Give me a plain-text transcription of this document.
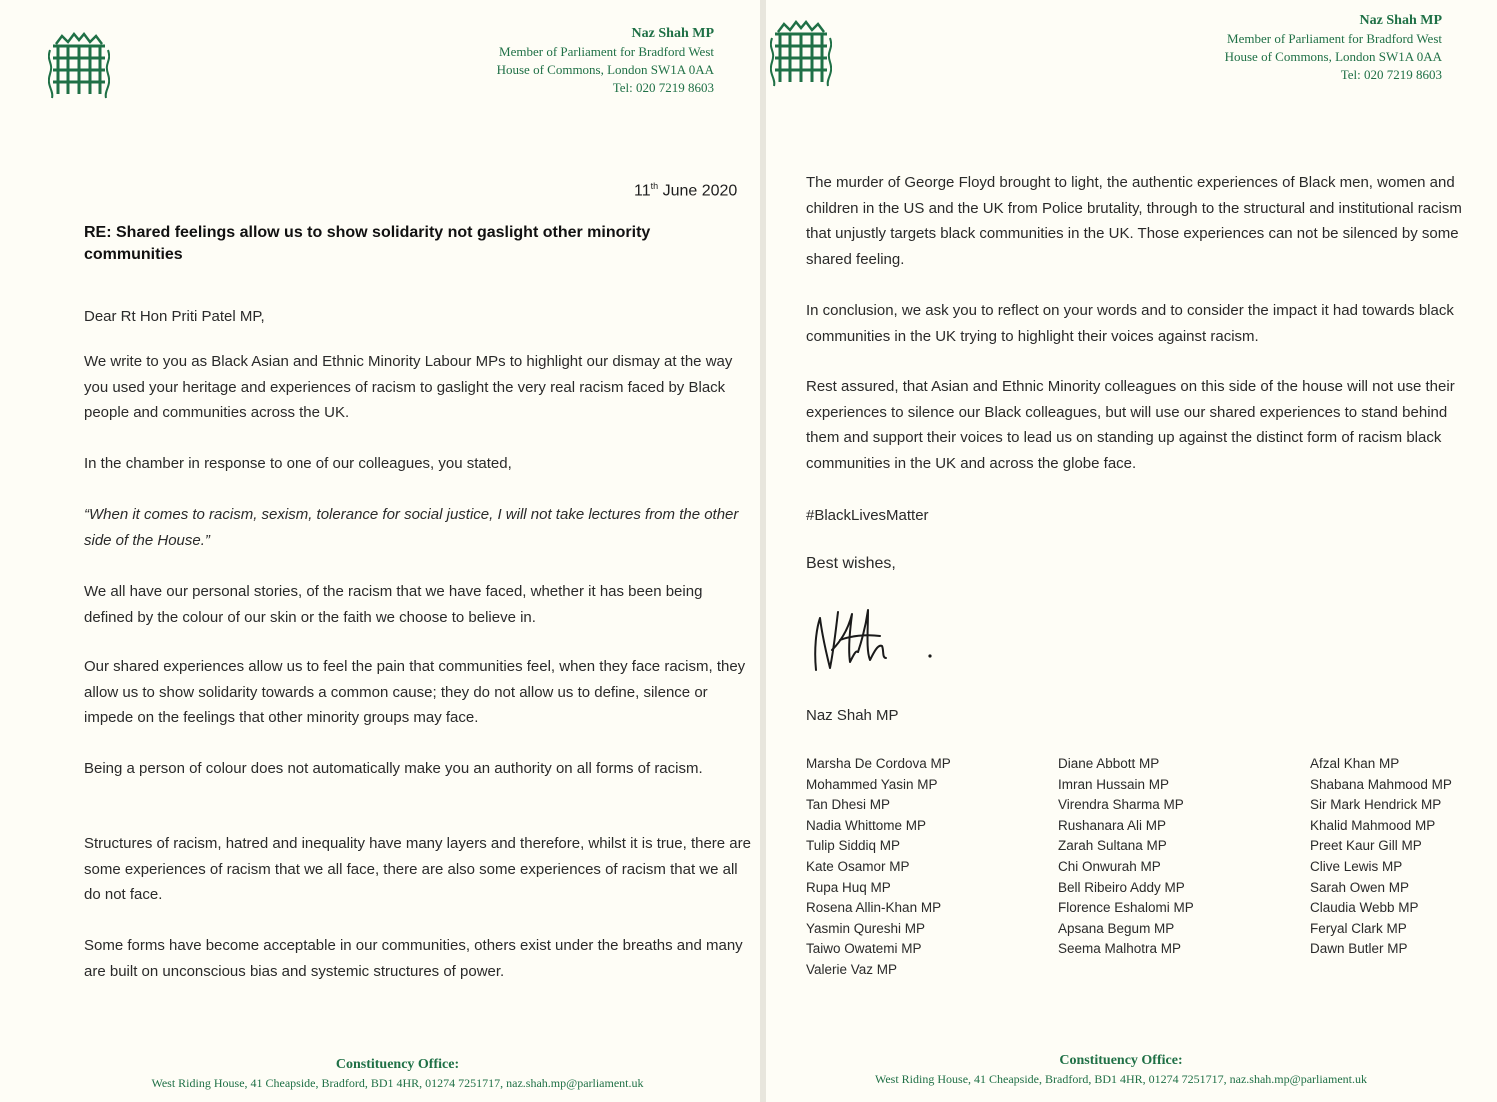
Naz Shah MP
Member of Parliament for Bradford West
House of Commons, London SW1A 0AA
Tel: 020 7219 8603
11th June 2020
RE: Shared feelings allow us to show solidarity not gaslight other minority communities

Dear Rt Hon Priti Patel MP,

We write to you as Black Asian and Ethnic Minority Labour MPs to highlight our dismay at the way you used your heritage and experiences of racism to gaslight the very real racism faced by Black people and communities across the UK.

In the chamber in response to one of our colleagues, you stated,

“When it comes to racism, sexism, tolerance for social justice, I will not take lectures from the other side of the House.”

We all have our personal stories, of the racism that we have faced, whether it has been being defined by the colour of our skin or the faith we choose to believe in.

Our shared experiences allow us to feel the pain that communities feel, when they face racism, they allow us to show solidarity towards a common cause; they do not allow us to define, silence or impede on the feelings that other minority groups may face.

Being a person of colour does not automatically make you an authority on all forms of racism.

Structures of racism, hatred and inequality have many layers and therefore, whilst it is true, there are some experiences of racism that we all face, there are also some experiences of racism that we all do not face.

Some forms have become acceptable in our communities, others exist under the breaths and many are built on unconscious bias and systemic structures of power.

Constituency Office:
West Riding House, 41 Cheapside, Bradford, BD1 4HR, 01274 7251717, naz.shah.mp@parliament.uk
Naz Shah MP
Member of Parliament for Bradford West
House of Commons, London SW1A 0AA
Tel: 020 7219 8603

The murder of George Floyd brought to light, the authentic experiences of Black men, women and children in the US and the UK from Police brutality, through to the structural and institutional racism that unjustly targets black communities in the UK. Those experiences can not be silenced by some shared feeling.

In conclusion, we ask you to reflect on your words and to consider the impact it had towards black communities in the UK trying to highlight their voices against racism.

Rest assured, that Asian and Ethnic Minority colleagues on this side of the house will not use their experiences to silence our Black colleagues, but will use our shared experiences to stand behind them and support their voices to lead us on standing up against the distinct form of racism black communities in the UK and across the globe face.

#BlackLivesMatter

Best wishes,
Naz Shah MP
Marsha De Cordova MP
Mohammed Yasin MP
Tan Dhesi MP
Nadia Whittome MP
Tulip Siddiq MP
Kate Osamor MP
Rupa Huq MP
Rosena Allin-Khan MP
Yasmin Qureshi MP
Taiwo Owatemi MP
Valerie Vaz MP
Diane Abbott MP
Imran Hussain MP
Virendra Sharma MP
Rushanara Ali MP
Zarah Sultana MP
Chi Onwurah MP
Bell Ribeiro Addy MP
Florence Eshalomi MP
Apsana Begum MP
Seema Malhotra MP
Afzal Khan MP
Shabana Mahmood MP
Sir Mark Hendrick MP
Khalid Mahmood MP
Preet Kaur Gill MP
Clive Lewis MP
Sarah Owen MP
Claudia Webb MP
Feryal Clark MP
Dawn Butler MP
Constituency Office:
West Riding House, 41 Cheapside, Bradford, BD1 4HR, 01274 7251717, naz.shah.mp@parliament.uk
